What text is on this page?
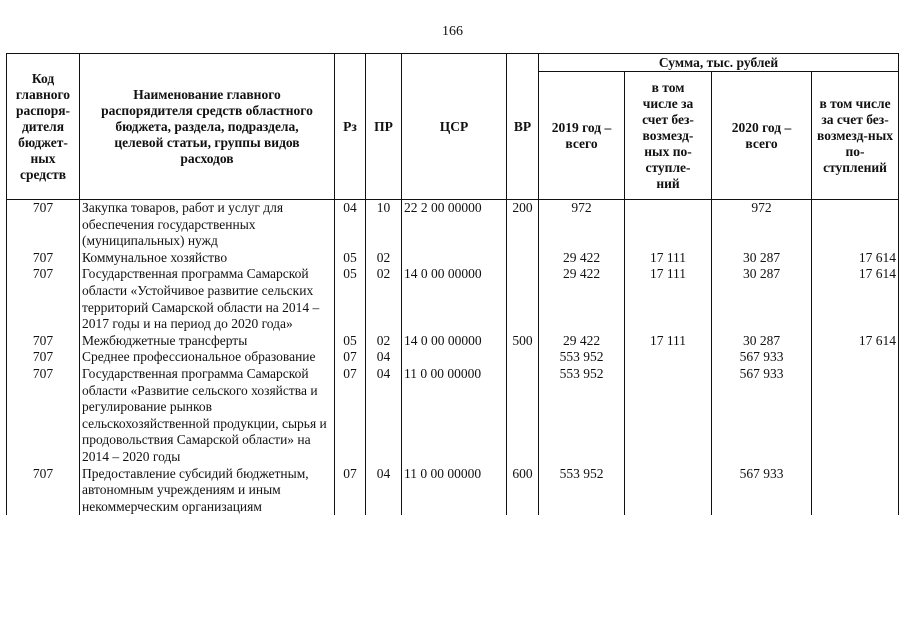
166
Код главного распоря-дителя бюджет-ных средств	Наименование главного распорядителя средств областного бюджета, раздела, подраздела, целевой статьи, группы видов расходов	Рз	ПР	ЦСР	ВР	Сумма, тыс. рублей			
						2019 год – всего	в том числе за счет без-возмезд-ных по-ступле-ний	2020 год – всего	в том числе за счет без-возмезд-ных по-ступлений
707	Закупка товаров, работ и услуг для обеспечения государственных (муниципальных) нужд	04	10	22 2 00 00000	200	972		972	
707	Коммунальное хозяйство	05	02			29 422	17 111	30 287	17 614
707	Государственная программа Самарской области «Устойчивое развитие сельских территорий Самарской области на 2014 – 2017 годы и на период до 2020 года»	05	02	14 0 00 00000		29 422	17 111	30 287	17 614
707	Межбюджетные трансферты	05	02	14 0 00 00000	500	29 422	17 111	30 287	17 614
707	Среднее профессиональное образование	07	04			553 952		567 933	
707	Государственная программа Самарской области «Развитие сельского хозяйства и регулирование рынков сельскохозяйственной продукции, сырья и продовольствия Самарской области» на 2014 – 2020 годы	07	04	11 0 00 00000		553 952		567 933	
707	Предоставление субсидий бюджетным, автономным учреждениям и иным некоммерческим организациям	07	04	11 0 00 00000	600	553 952		567 933	
